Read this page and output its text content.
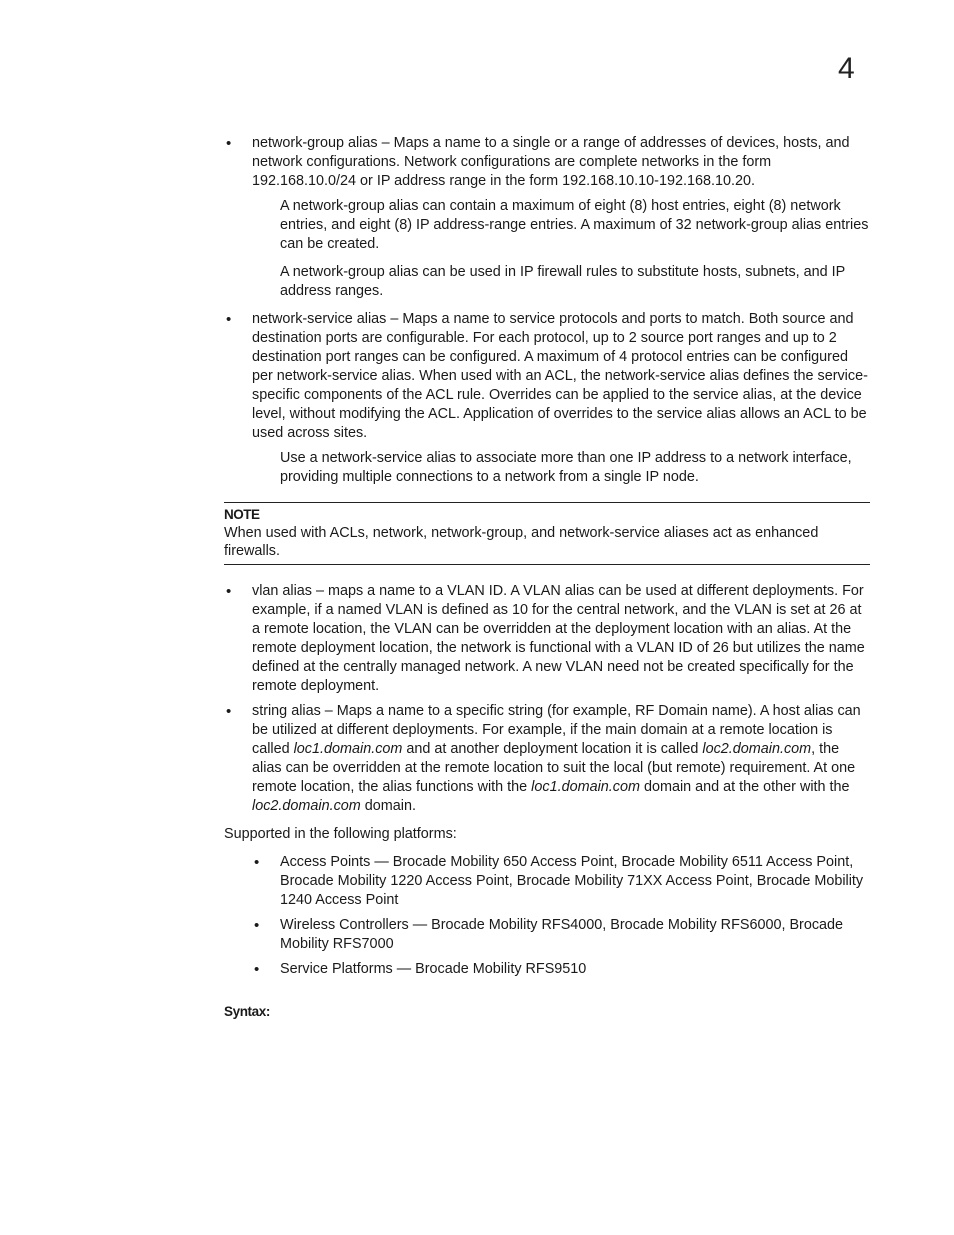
4

• network-group alias – Maps a name to a single or a range of addresses of devices, hosts, and network configurations. Network configurations are complete networks in the form 192.168.10.0/24 or IP address range in the form 192.168.10.10-192.168.10.20.

A network-group alias can contain a maximum of eight (8) host entries, eight (8) network entries, and eight (8) IP address-range entries. A maximum of 32 network-group alias entries can be created.

A network-group alias can be used in IP firewall rules to substitute hosts, subnets, and IP address ranges.

• network-service alias – Maps a name to service protocols and ports to match. Both source and destination ports are configurable. For each protocol, up to 2 source port ranges and up to 2 destination port ranges can be configured. A maximum of 4 protocol entries can be configured per network-service alias. When used with an ACL, the network-service alias defines the service-specific components of the ACL rule. Overrides can be applied to the service alias, at the device level, without modifying the ACL. Application of overrides to the service alias allows an ACL to be used across sites.

Use a network-service alias to associate more than one IP address to a network interface, providing multiple connections to a network from a single IP node.

NOTE
When used with ACLs, network, network-group, and network-service aliases act as enhanced firewalls.

• vlan alias – maps a name to a VLAN ID. A VLAN alias can be used at different deployments. For example, if a named VLAN is defined as 10 for the central network, and the VLAN is set at 26 at a remote location, the VLAN can be overridden at the deployment location with an alias. At the remote deployment location, the network is functional with a VLAN ID of 26 but utilizes the name defined at the centrally managed network. A new VLAN need not be created specifically for the remote deployment.

• string alias – Maps a name to a specific string (for example, RF Domain name). A host alias can be utilized at different deployments. For example, if the main domain at a remote location is called loc1.domain.com and at another deployment location it is called loc2.domain.com, the alias can be overridden at the remote location to suit the local (but remote) requirement. At one remote location, the alias functions with the loc1.domain.com domain and at the other with the loc2.domain.com domain.

Supported in the following platforms:

• Access Points — Brocade Mobility 650 Access Point, Brocade Mobility 6511 Access Point, Brocade Mobility 1220 Access Point, Brocade Mobility 71XX Access Point, Brocade Mobility 1240 Access Point

• Wireless Controllers — Brocade Mobility RFS4000, Brocade Mobility RFS6000, Brocade Mobility RFS7000

• Service Platforms — Brocade Mobility RFS9510

Syntax:
